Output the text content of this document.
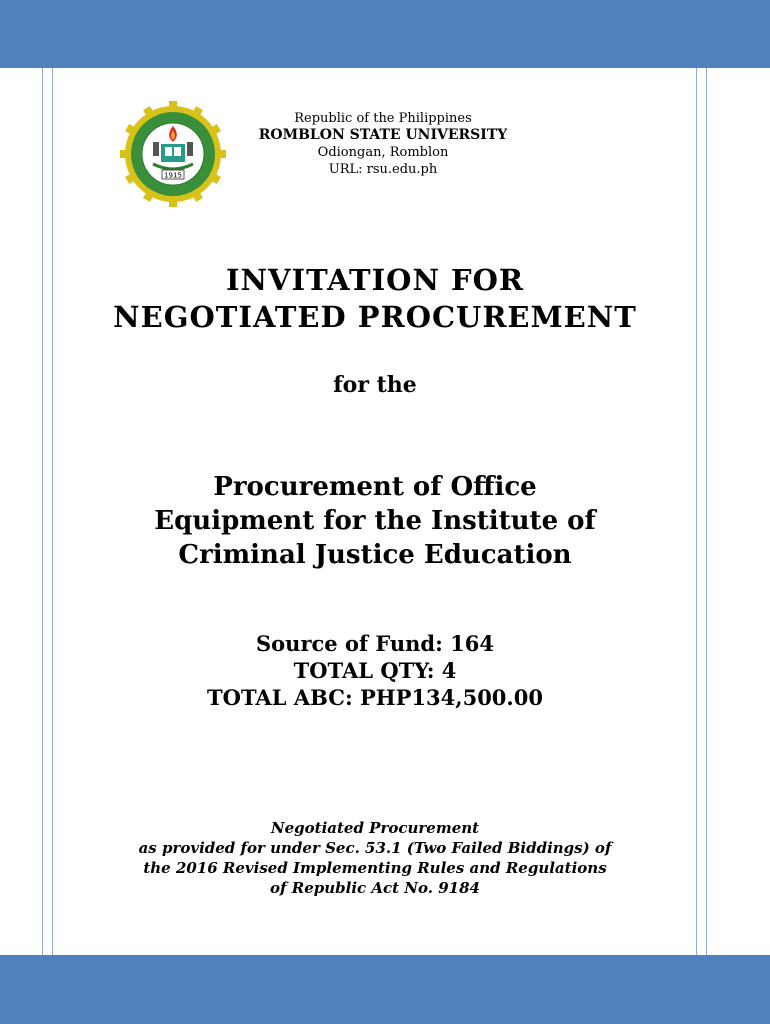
1915
Republic of the Philippines
ROMBLON STATE UNIVERSITY
Odiongan, Romblon
URL: rsu.edu.ph
INVITATION FOR
NEGOTIATED PROCUREMENT
for the
Procurement of Office
Equipment for the Institute of
Criminal Justice Education
Source of Fund: 164
TOTAL QTY: 4
TOTAL ABC: PHP134,500.00
Negotiated Procurement
as provided for under Sec. 53.1 (Two Failed Biddings) of
the 2016 Revised Implementing Rules and Regulations
of Republic Act No. 9184
